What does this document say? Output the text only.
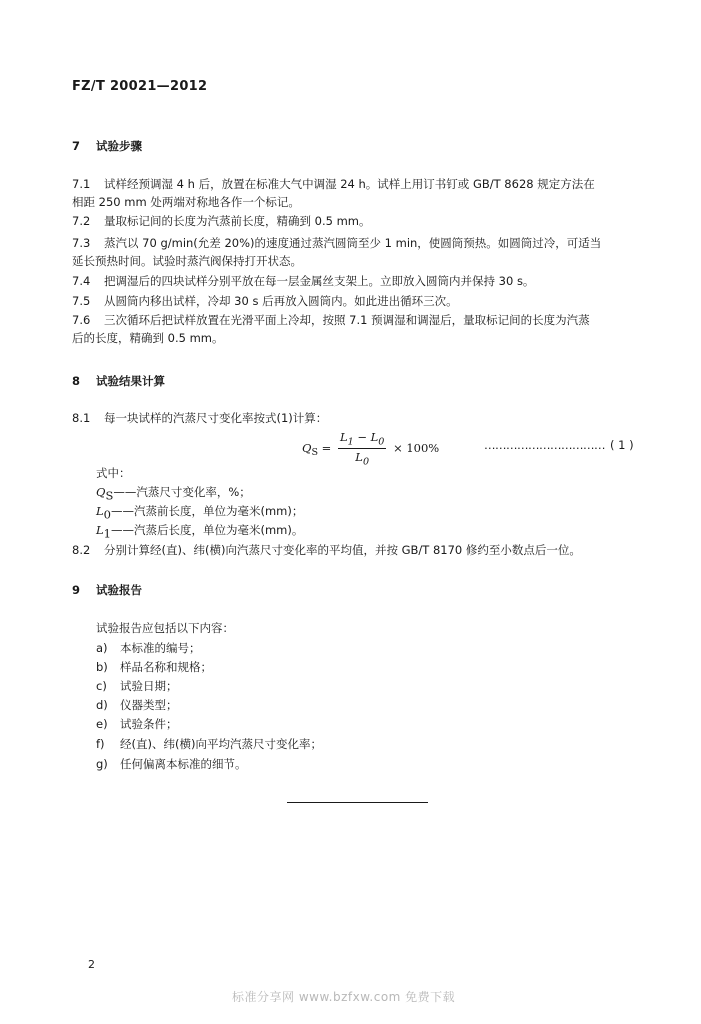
FZ/T 20021—2012
7 试验步骤
7.1 试样经预调湿 4 h 后，放置在标准大气中调湿 24 h。试样上用订书钉或 GB/T 8628 规定方法在
相距 250 mm 处两端对称地各作一个标记。
7.2 量取标记间的长度为汽蒸前长度，精确到 0.5 mm。
7.3 蒸汽以 70 g/min(允差 20%)的速度通过蒸汽圆筒至少 1 min，使圆筒预热。如圆筒过冷，可适当
延长预热时间。试验时蒸汽阀保持打开状态。
7.4 把调湿后的四块试样分别平放在每一层金属丝支架上。立即放入圆筒内并保持 30 s。
7.5 从圆筒内移出试样，冷却 30 s 后再放入圆筒内。如此进出循环三次。
7.6 三次循环后把试样放置在光滑平面上冷却，按照 7.1 预调湿和调湿后，量取标记间的长度为汽蒸
后的长度，精确到 0.5 mm。
8 试验结果计算
8.1 每一块试样的汽蒸尺寸变化率按式(1)计算：
$Q_S = \frac{L_1 - L_0}{L_0} \times 100\%$	…………………………… ( 1 )
式中：
$Q_S——$汽蒸尺寸变化率，%；
$L_0——$汽蒸前长度，单位为毫米(mm)；
$L_1——$汽蒸后长度，单位为毫米(mm)。
8.2 分别计算经(直)、纬(横)向汽蒸尺寸变化率的平均值，并按 GB/T 8170 修约至小数点后一位。
9 试验报告
试验报告应包括以下内容：
a) 本标准的编号；
b) 样品名称和规格；
c) 试验日期；
d) 仪器类型；
e) 试验条件；
f) 经(直)、纬(横)向平均汽蒸尺寸变化率；
g) 任何偏离本标准的细节。
2
标准分享网 www.bzfxw.com 免费下载
